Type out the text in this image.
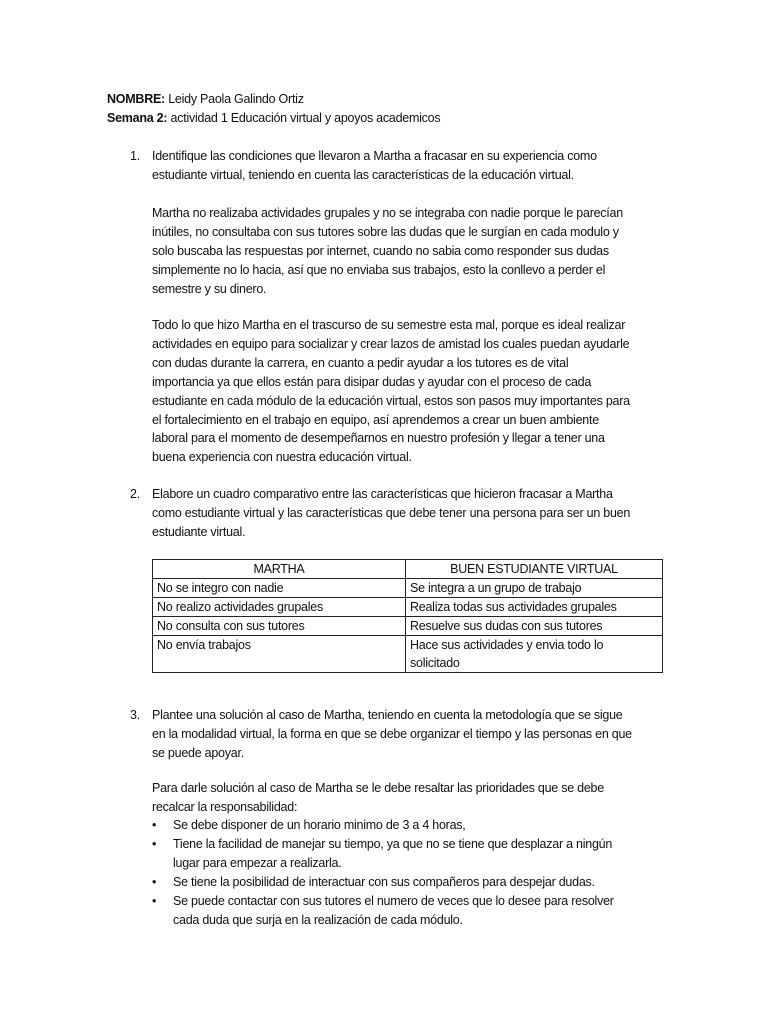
NOMBRE: Leidy Paola Galindo Ortiz
Semana 2: actividad 1 Educación virtual y apoyos academicos
1. Identifique las condiciones que llevaron a Martha a fracasar en su experiencia como
estudiante virtual, teniendo en cuenta las características de la educación virtual.
Martha no realizaba actividades grupales y no se integraba con nadie porque le parecían
inútiles, no consultaba con sus tutores sobre las dudas que le surgían en cada modulo y
solo buscaba las respuestas por internet, cuando no sabia como responder sus dudas
simplemente no lo hacia, así que no enviaba sus trabajos, esto la conllevo a perder el
semestre y su dinero.
Todo lo que hizo Martha en el trascurso de su semestre esta mal, porque es ideal realizar
actividades en equipo para socializar y crear lazos de amistad los cuales puedan ayudarle
con dudas durante la carrera, en cuanto a pedir ayudar a los tutores es de vital
importancia ya que ellos están para disipar dudas y ayudar con el proceso de cada
estudiante en cada módulo de la educación virtual, estos son pasos muy importantes para
el fortalecimiento en el trabajo en equipo, así aprendemos a crear un buen ambiente
laboral para el momento de desempeñarnos en nuestro profesión y llegar a tener una
buena experiencia con nuestra educación virtual.
2. Elabore un cuadro comparativo entre las características que hicieron fracasar a Martha
como estudiante virtual y las características que debe tener una persona para ser un buen
estudiante virtual.
MARTHA	BUEN ESTUDIANTE VIRTUAL
No se integro con nadie	Se integra a un grupo de trabajo
No realizo actividades grupales	Realiza todas sus actividades grupales
No consulta con sus tutores	Resuelve sus dudas con sus tutores
No envía trabajos	Hace sus actividades y envia todo lo solicitado
3. Plantee una solución al caso de Martha, teniendo en cuenta la metodología que se sigue
en la modalidad virtual, la forma en que se debe organizar el tiempo y las personas en que
se puede apoyar.
Para darle solución al caso de Martha se le debe resaltar las prioridades que se debe
recalcar la responsabilidad:
•	Se debe disponer de un horario minimo de 3 a 4 horas,
•	Tiene la facilidad de manejar su tiempo, ya que no se tiene que desplazar a ningún
lugar para empezar a realizarla.
•	Se tiene la posibilidad de interactuar con sus compañeros para despejar dudas.
•	Se puede contactar con sus tutores el numero de veces que lo desee para resolver
cada duda que surja en la realización de cada módulo.
